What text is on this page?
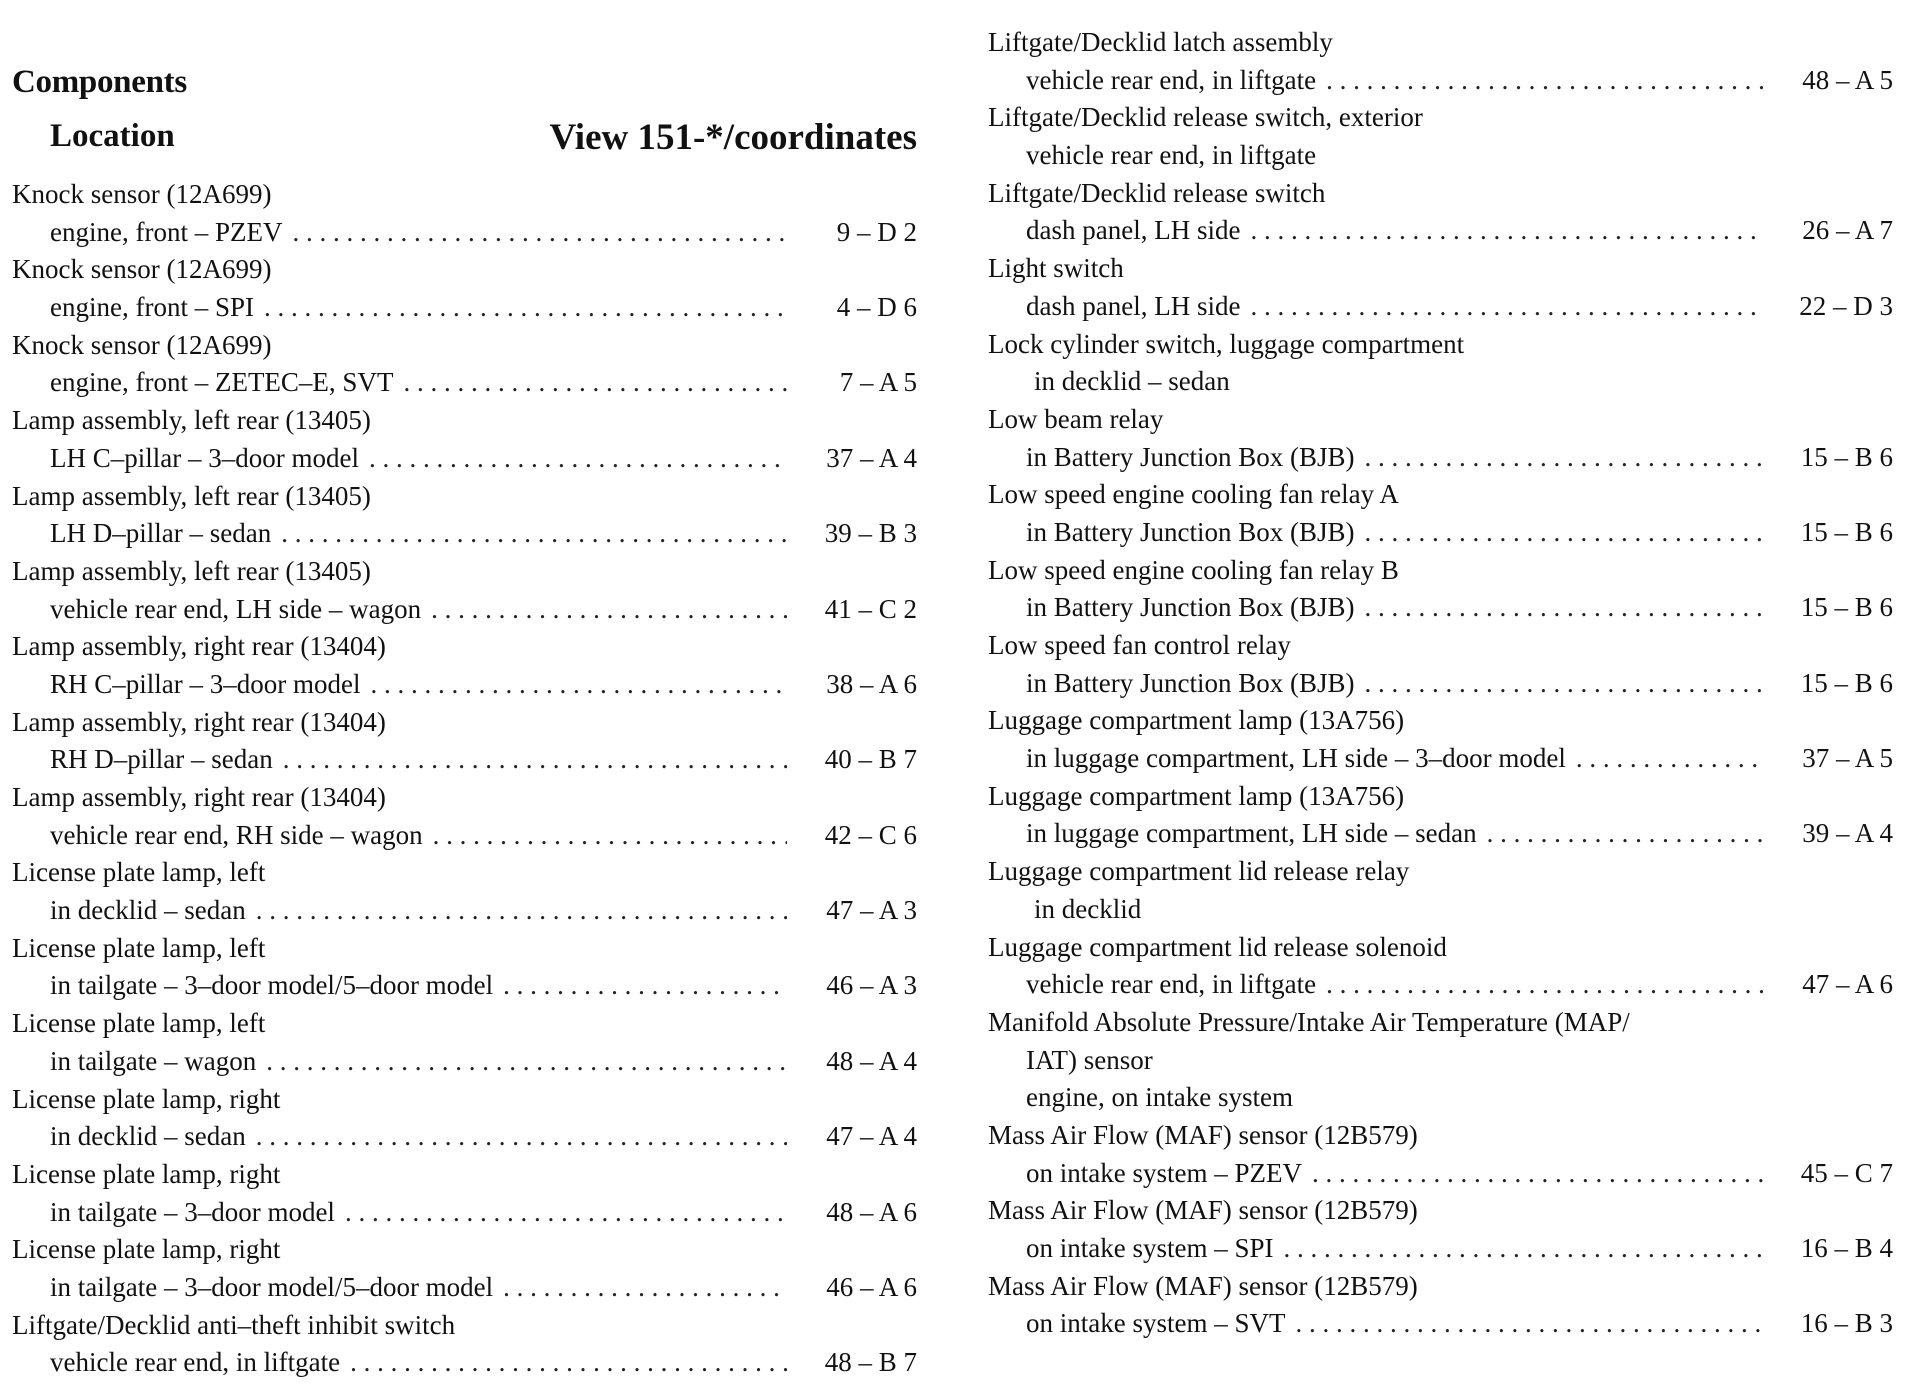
Components
Location	View 151-*/coordinates
Knock sensor (12A699)
engine, front – PZEV . . .	9 – D 2
Knock sensor (12A699)
engine, front – SPI . . .	4 – D 6
Knock sensor (12A699)
engine, front – ZETEC–E, SVT . . .	7 – A 5
Lamp assembly, left rear (13405)
LH C–pillar – 3–door model . . .	37 – A 4
Lamp assembly, left rear (13405)
LH D–pillar – sedan . . .	39 – B 3
Lamp assembly, left rear (13405)
vehicle rear end, LH side – wagon . . .	41 – C 2
Lamp assembly, right rear (13404)
RH C–pillar – 3–door model . . .	38 – A 6
Lamp assembly, right rear (13404)
RH D–pillar – sedan . . .	40 – B 7
Lamp assembly, right rear (13404)
vehicle rear end, RH side – wagon . . .	42 – C 6
License plate lamp, left
in decklid – sedan . . .	47 – A 3
License plate lamp, left
in tailgate – 3–door model/5–door model . . .	46 – A 3
License plate lamp, left
in tailgate – wagon . . .	48 – A 4
License plate lamp, right
in decklid – sedan . . .	47 – A 4
License plate lamp, right
in tailgate – 3–door model . . .	48 – A 6
License plate lamp, right
in tailgate – 3–door model/5–door model . . .	46 – A 6
Liftgate/Decklid anti–theft inhibit switch
vehicle rear end, in liftgate . . .	48 – B 7
Liftgate/Decklid latch assembly
vehicle rear end, in liftgate . . .	48 – A 5
Liftgate/Decklid release switch, exterior
vehicle rear end, in liftgate
Liftgate/Decklid release switch
dash panel, LH side . . .	26 – A 7
Light switch
dash panel, LH side . . .	22 – D 3
Lock cylinder switch, luggage compartment
in decklid – sedan
Low beam relay
in Battery Junction Box (BJB) . . .	15 – B 6
Low speed engine cooling fan relay A
in Battery Junction Box (BJB) . . .	15 – B 6
Low speed engine cooling fan relay B
in Battery Junction Box (BJB) . . .	15 – B 6
Low speed fan control relay
in Battery Junction Box (BJB) . . .	15 – B 6
Luggage compartment lamp (13A756)
in luggage compartment, LH side – 3–door model . . .	37 – A 5
Luggage compartment lamp (13A756)
in luggage compartment, LH side – sedan . . .	39 – A 4
Luggage compartment lid release relay
in decklid
Luggage compartment lid release solenoid
vehicle rear end, in liftgate . . .	47 – A 6
Manifold Absolute Pressure/Intake Air Temperature (MAP/
IAT) sensor
engine, on intake system
Mass Air Flow (MAF) sensor (12B579)
on intake system – PZEV . . .	45 – C 7
Mass Air Flow (MAF) sensor (12B579)
on intake system – SPI . . .	16 – B 4
Mass Air Flow (MAF) sensor (12B579)
on intake system – SVT . . .	16 – B 3
